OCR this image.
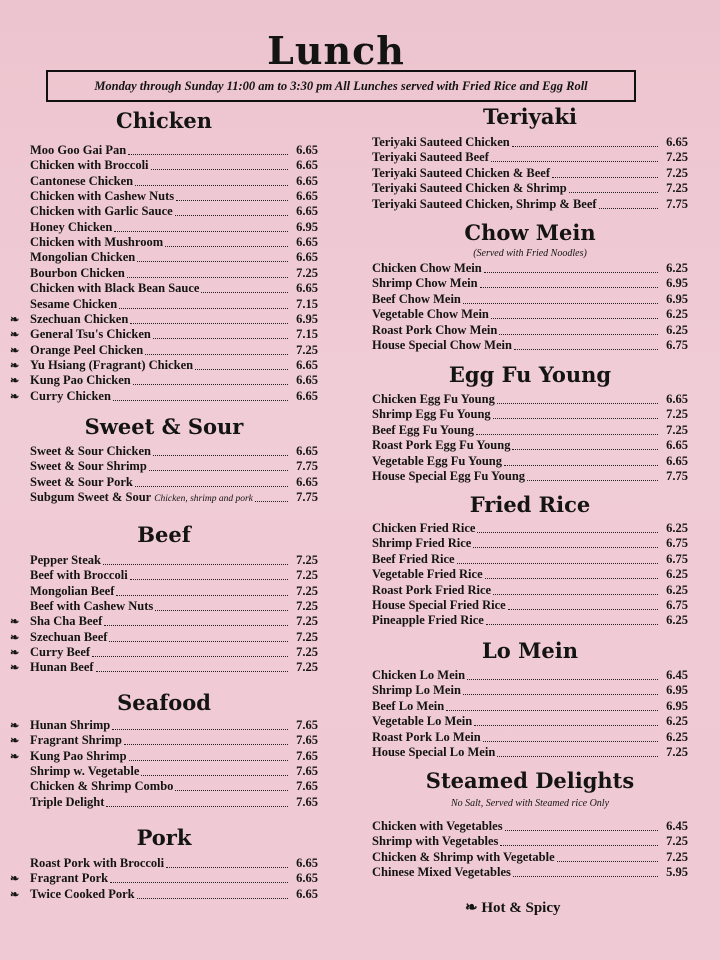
Lunch
Monday through Sunday 11:00 am to 3:30 pm All Lunches served with Fried Rice and Egg Roll
Chicken
Moo Goo Gai Pan	6.65
Chicken with Broccoli	6.65
Cantonese Chicken	6.65
Chicken with Cashew Nuts	6.65
Chicken with Garlic Sauce	6.65
Honey Chicken	6.95
Chicken with Mushroom	6.65
Mongolian Chicken	6.65
Bourbon Chicken	7.25
Chicken with Black Bean Sauce	6.65
Sesame Chicken	7.15
❧ Szechuan Chicken	6.95
❧ General Tsu's Chicken	7.15
❧ Orange Peel Chicken	7.25
❧ Yu Hsiang (Fragrant) Chicken	6.65
❧ Kung Pao Chicken	6.65
❧ Curry Chicken	6.65
Sweet & Sour
Sweet & Sour Chicken	6.65
Sweet & Sour Shrimp	7.75
Sweet & Sour Pork	6.65
Subgum Sweet & Sour Chicken, shrimp and pork	7.75
Beef
Pepper Steak	7.25
Beef with Broccoli	7.25
Mongolian Beef	7.25
Beef with Cashew Nuts	7.25
❧ Sha Cha Beef	7.25
❧ Szechuan Beef	7.25
❧ Curry Beef	7.25
❧ Hunan Beef	7.25
Seafood
❧ Hunan Shrimp	7.65
❧ Fragrant Shrimp	7.65
❧ Kung Pao Shrimp	7.65
Shrimp w. Vegetable	7.65
Chicken & Shrimp Combo	7.65
Triple Delight	7.65
Pork
Roast Pork with Broccoli	6.65
❧ Fragrant Pork	6.65
❧ Twice Cooked Pork	6.65
Teriyaki
Teriyaki Sauteed Chicken	6.65
Teriyaki Sauteed Beef	7.25
Teriyaki Sauteed Chicken & Beef	7.25
Teriyaki Sauteed Chicken & Shrimp	7.25
Teriyaki Sauteed Chicken, Shrimp & Beef	7.75
Chow Mein
(Served with Fried Noodles)
Chicken Chow Mein	6.25
Shrimp Chow Mein	6.95
Beef Chow Mein	6.95
Vegetable Chow Mein	6.25
Roast Pork Chow Mein	6.25
House Special Chow Mein	6.75
Egg Fu Young
Chicken Egg Fu Young	6.65
Shrimp Egg Fu Young	7.25
Beef Egg Fu Young	7.25
Roast Pork Egg Fu Young	6.65
Vegetable Egg Fu Young	6.65
House Special Egg Fu Young	7.75
Fried Rice
Chicken Fried Rice	6.25
Shrimp Fried Rice	6.75
Beef Fried Rice	6.75
Vegetable Fried Rice	6.25
Roast Pork Fried Rice	6.25
House Special Fried Rice	6.75
Pineapple Fried Rice	6.25
Lo Mein
Chicken Lo Mein	6.45
Shrimp Lo Mein	6.95
Beef Lo Mein	6.95
Vegetable Lo Mein	6.25
Roast Pork Lo Mein	6.25
House Special Lo Mein	7.25
Steamed Delights
No Salt, Served with Steamed rice Only
Chicken with Vegetables	6.45
Shrimp with Vegetables	7.25
Chicken & Shrimp with Vegetable	7.25
Chinese Mixed Vegetables	5.95
❧ Hot & Spicy
